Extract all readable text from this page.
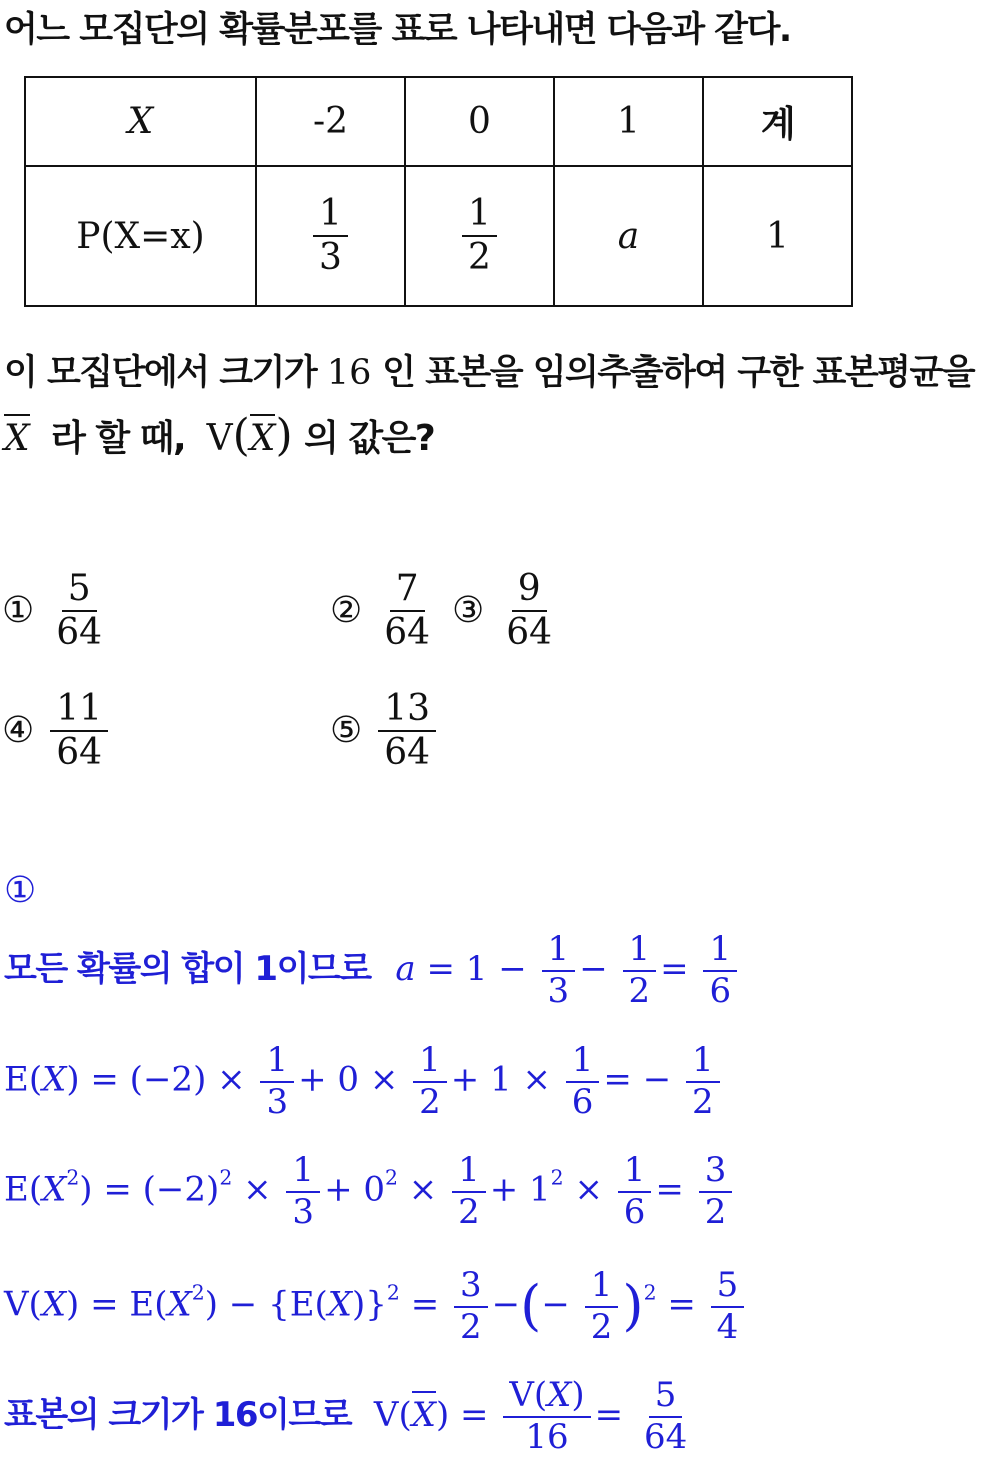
어느 모집단의 확률분포를 표로 나타내면 다음과 같다.
X	-2	0	1	계
P(X=x)	$\frac{1}{3}$	$\frac{1}{2}$	a	1
이 모집단에서 크기가 16 인 표본을 임의추출하여 구한 표본평균을
X 라 할 때, V(X) 의 값은?
① $\frac{5}{64}$	② $\frac{7}{64}$ ③ $\frac{9}{64}$
④ $\frac{11}{64}$	⑤ $\frac{13}{64}$
①
모든 확률의 합이 1이므로 $a = 1 - \frac{1}{3} - \frac{1}{2} = \frac{1}{6}$
$E(X) = (-2) \times \frac{1}{3} + 0 \times \frac{1}{2} + 1 \times \frac{1}{6}$ = − $\frac{1}{2}$
$E(X^2) = (-2)^2 \times \frac{1}{3} + 0^2 \times \frac{1}{2} + 1^2 \times \frac{1}{6} = \frac{3}{2}$
$V(X) = E(X^2) - \{E(X)\}^2 = \frac{3}{2}$ −(− $\frac{1}{2} )^2 = \frac{5}{4}$
표본의 크기가 16이므로 $V(X) = \frac{V(X)}{16} = \frac{5}{64}$
